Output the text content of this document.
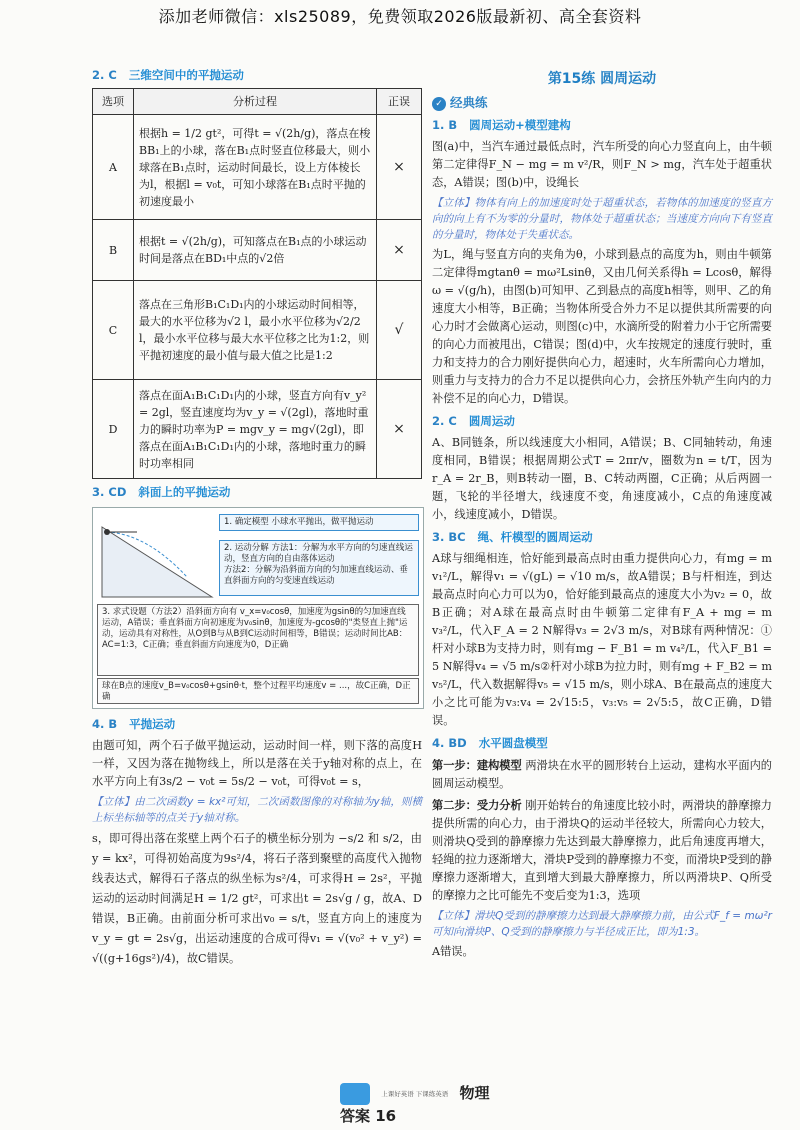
添加老师微信：xls25089，免费领取2026版最新初、高全套资料
2. C 三维空间中的平抛运动
选项	分析过程	正误
A	根据h = 1/2 gt²，可得t = √(2h/g)，落点在梭BB₁上的小球，落在B₁点时竖直位移最大，则小球落在B₁点时，运动时间最长，设上方体棱长为l，根据l = v₀t，可知小球落在B₁点时平抛的初速度最小	×
B	根据t = √(2h/g)，可知落点在B₁点的小球运动时间是落点在BD₁中点的√2倍	×
C	落点在三角形B₁C₁D₁内的小球运动时间相等，最大的水平位移为√2 l，最小水平位移为√2/2 l，最小水平位移与最大水平位移之比为1:2，则平抛初速度的最小值与最大值之比是1:2	√
D	落点在面A₁B₁C₁D₁内的小球，竖直方向有v_y² = 2gl，竖直速度均为v_y = √(2gl)，落地时重力的瞬时功率为P = mgv_y = mg√(2gl)，即落点在面A₁B₁C₁D₁内的小球，落地时重力的瞬时功率相同	×
3. CD 斜面上的平抛运动
1. 确定模型 小球水平抛出，做平抛运动
2. 运动分解 方法1：分解为水平方向的匀速直线运动，竖直方向的自由落体运动
方法2：分解为沿斜面方向的匀加速直线运动、垂直斜面方向的匀变速直线运动
3. 求式设题（方法2）沿斜面方向有 v_x=v₀cosθ，加速度为gsinθ的匀加速直线运动，A错误；垂直斜面方向初速度为v₀sinθ，加速度为-gcosθ的"类竖直上抛"运动，运动具有对称性，从O到B与从B到C运动时间相等，B错误；运动时间比AB：AC=1:3，C正确；垂直斜面方向速度为0，D正确
球在B点的速度v_B=v₀cosθ+gsinθ·t，整个过程平均速度v = ...，故C正确，D正确
4. B 平抛运动

由题可知，两个石子做平抛运动，运动时间一样，则下落的高度H一样，又因为落在抛物线上，所以是落在关于y轴对称的点上，在水平方向上有3s/2 − v₀t = 5s/2 − v₀t，可得v₀t = s，

【立体】由二次函数y = kx²可知，二次函数图像的对称轴为y轴，则横上标坐标轴等的点关于y轴对称。

s，即可得出落在浆壁上两个石子的横坐标分别为 −s/2 和 s/2，由y = kx²，可得初始高度为9s²/4，将石子落到聚壁的高度代入抛物线表达式，解得石子落点的纵坐标为s²/4，可求得H = 2s²，平抛运动的运动时间满足H = 1/2 gt²，可求出t = 2s√g / g，故A、D错误，B正确。由前面分析可求出v₀ = s/t，竖直方向上的速度为v_y = gt = 2s√g，出运动速度的合成可得v₁ = √(v₀² + v_y²) = √((g+16gs²)/4)，故C错误。

第15练 圆周运动
✓ 经典练
1. B 圆周运动+模型建构

图(a)中，当汽车通过最低点时，汽车所受的向心力竖直向上，由牛顿第二定律得F_N − mg = m v²/R，则F_N > mg，汽车处于超重状态，A错误；图(b)中，设绳长

【立体】物体有向上的加速度时处于超重状态，若物体的加速度的竖直方向的向上有不为零的分量时，物体处于超重状态；当速度方向向下有竖直的分量时，物体处于失重状态。

为L，绳与竖直方向的夹角为θ，小球到悬点的高度为h，则由牛顿第二定律得mgtanθ = mω²Lsinθ，又由几何关系得h = Lcosθ，解得ω = √(g/h)，由图(b)可知甲、乙到悬点的高度h相等，则甲、乙的角速度大小相等，B正确；当物体所受合外力不足以提供其所需要的向心力时才会做离心运动，则图(c)中，水滴所受的附着力小于它所需要的向心力而被甩出，C错误；图(d)中，火车按规定的速度行驶时，重力和支持力的合力刚好提供向心力，超速时，火车所需向心力增加，则重力与支持力的合力不足以提供向心力，会挤压外轨产生向内的力补偿不足的向心力，D错误。

2. C 圆周运动

A、B同链条，所以线速度大小相同，A错误；B、C同轴转动，角速度相同，B错误；根据周期公式T = 2πr/v，圈数为n = t/T，因为r_A = 2r_B，则B转动一圈，B、C转动两圈，C正确；从后两圆一题，飞轮的半径增大，线速度不变，角速度减小，C点的角速度减小，线速度减小，D错误。

3. BC 绳、杆模型的圆周运动

A球与细绳相连，恰好能到最高点时由重力提供向心力，有mg = m v₁²/L，解得v₁ = √(gL) = √10 m/s，故A错误；B与杆相连，到达最高点时向心力可以为0，恰好能到最高点的速度大小为v₂ = 0，故B正确；对A球在最高点时由牛顿第二定律有F_A + mg = m v₃²/L，代入F_A = 2 N解得v₃ = 2√3 m/s，对B球有两种情况：①杆对小球B为支持力时，则有mg − F_B1 = m v₄²/L，代入F_B1 = 5 N解得v₄ = √5 m/s②杆对小球B为拉力时，则有mg + F_B2 = m v₅²/L，代入数据解得v₅ = √15 m/s，则小球A、B在最高点的速度大小之比可能为v₃:v₄ = 2√15:5，v₃:v₅ = 2√5:5，故C正确，D错误。

4. BD 水平圆盘模型

第一步：建构模型 两滑块在水平的圆形转台上运动，建构水平面内的圆周运动模型。

第二步：受力分析 刚开始转台的角速度比较小时，两滑块的静摩擦力提供所需的向心力，由于滑块Q的运动半径较大，所需向心力较大，则滑块Q受到的静摩擦力先达到最大静摩擦力，此后角速度再增大，轻绳的拉力逐渐增大，滑块P受到的静摩擦力不变，而滑块P受到的静摩擦力逐渐增大，直到增大到最大静摩擦力，所以两滑块P、Q所受的摩擦力之比可能先不变后变为1:3，选项

【立体】滑块Q受到的静摩擦力达到最大静摩擦力前，由公式F_f = mω²r可知向滑块P、Q受到的静摩擦力与半径成正比，即为1:3。

A错误。

上课好英语 下课练英语 物理答案 16
